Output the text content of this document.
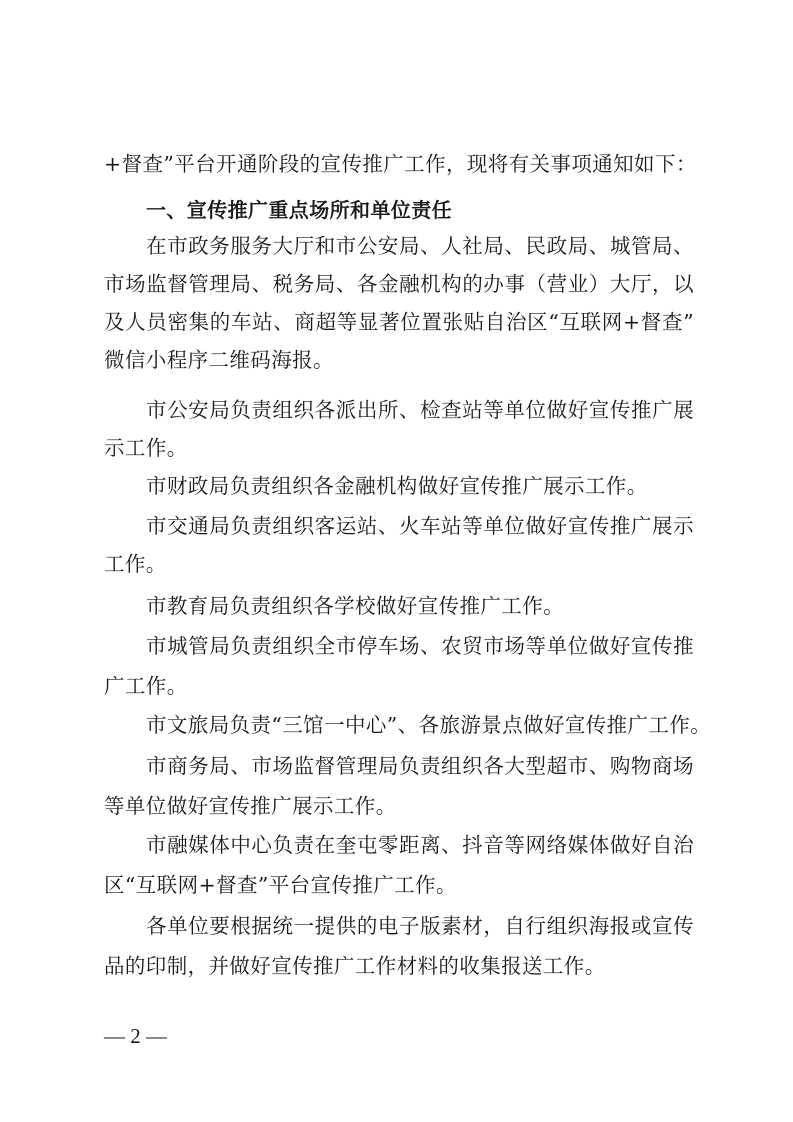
+督查”平台开通阶段的宣传推广工作，现将有关事项通知如下：
一、宣传推广重点场所和单位责任
在市政务服务大厅和市公安局、人社局、民政局、城管局、
市场监督管理局、税务局、各金融机构的办事（营业）大厅，以
及人员密集的车站、商超等显著位置张贴自治区“互联网+督查”
微信小程序二维码海报。
市公安局负责组织各派出所、检查站等单位做好宣传推广展
示工作。
市财政局负责组织各金融机构做好宣传推广展示工作。
市交通局负责组织客运站、火车站等单位做好宣传推广展示
工作。
市教育局负责组织各学校做好宣传推广工作。
市城管局负责组织全市停车场、农贸市场等单位做好宣传推
广工作。
市文旅局负责“三馆一中心”、各旅游景点做好宣传推广工作。
市商务局、市场监督管理局负责组织各大型超市、购物商场
等单位做好宣传推广展示工作。
市融媒体中心负责在奎屯零距离、抖音等网络媒体做好自治
区“互联网+督查”平台宣传推广工作。
各单位要根据统一提供的电子版素材，自行组织海报或宣传
品的印制，并做好宣传推广工作材料的收集报送工作。
— 2 —
